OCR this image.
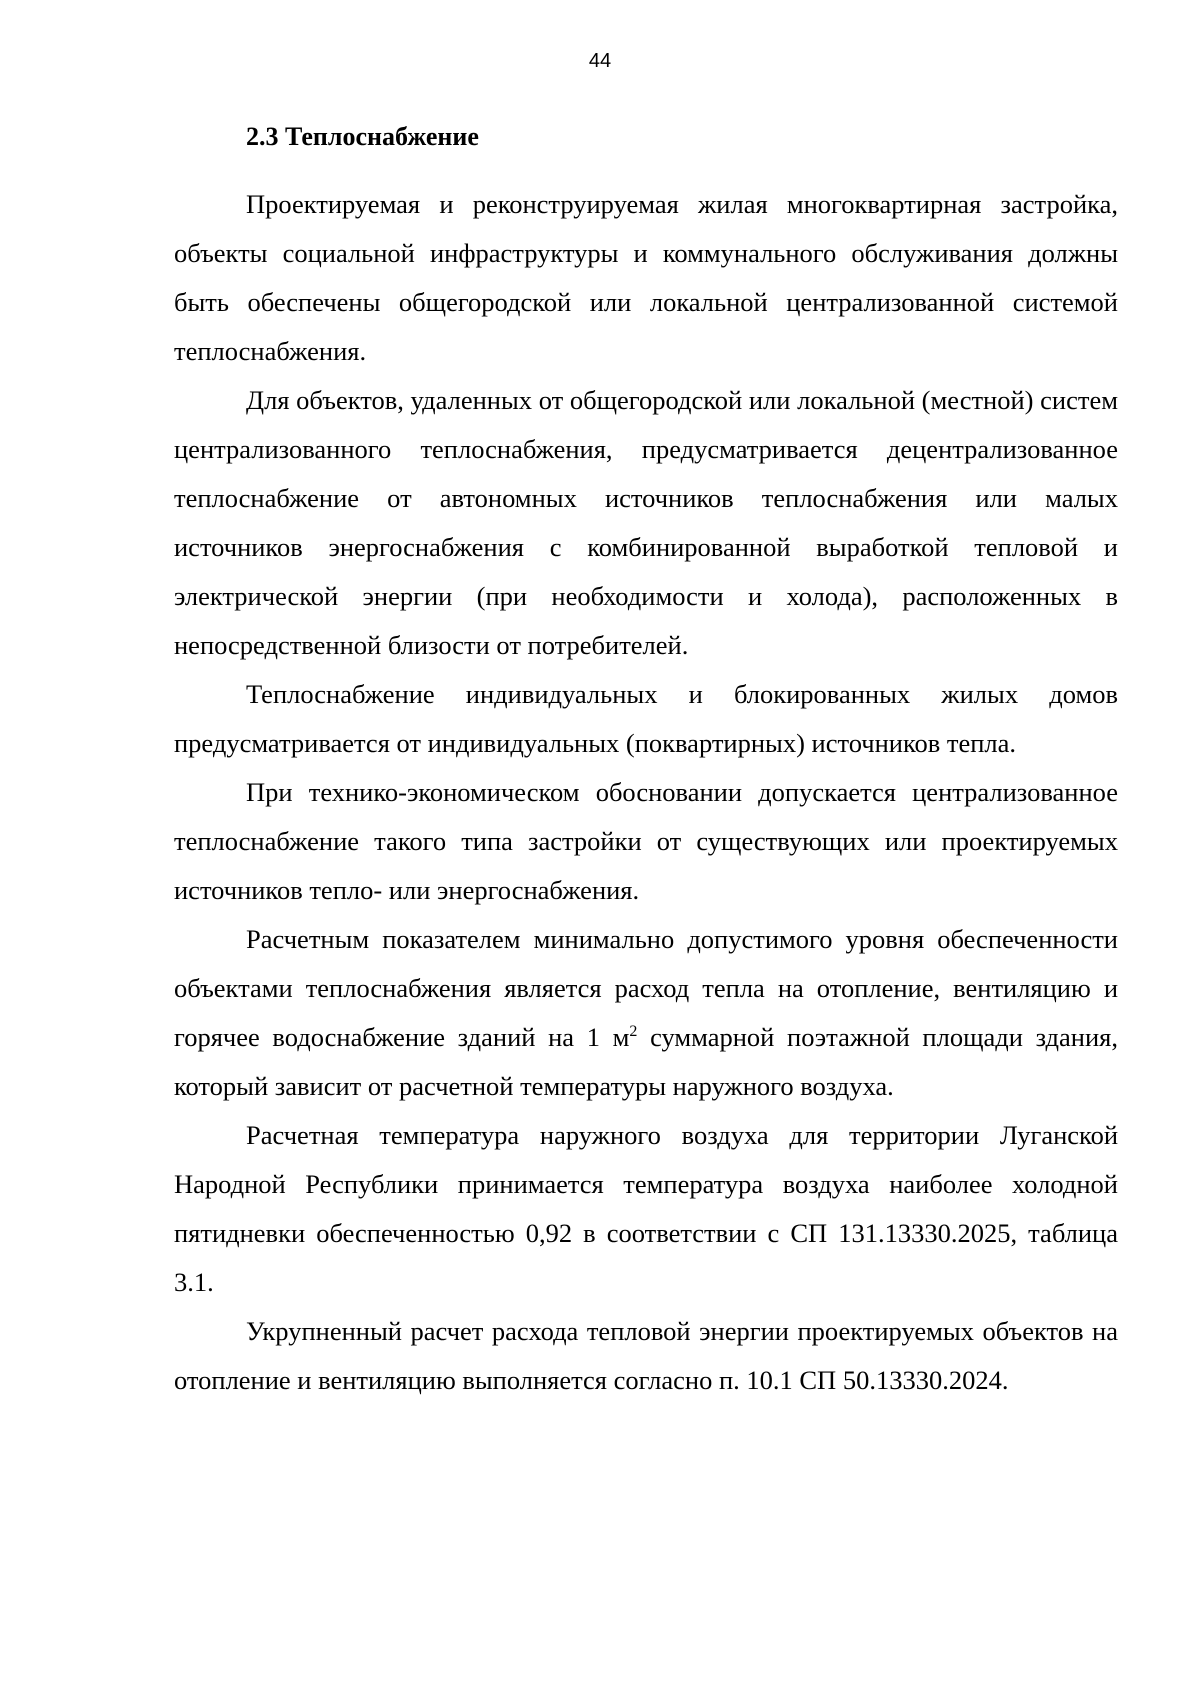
44
2.3 Теплоснабжение

Проектируемая и реконструируемая жилая многоквартирная застройка, объекты социальной инфраструктуры и коммунального обслуживания должны быть обеспечены общегородской или локальной централизованной системой теплоснабжения.

Для объектов, удаленных от общегородской или локальной (местной) систем централизованного теплоснабжения, предусматривается децентрализованное теплоснабжение от автономных источников теплоснабжения или малых источников энергоснабжения с комбинированной выработкой тепловой и электрической энергии (при необходимости и холода), расположенных в непосредственной близости от потребителей.

Теплоснабжение индивидуальных и блокированных жилых домов предусматривается от индивидуальных (поквартирных) источников тепла.

При технико-экономическом обосновании допускается централизованное теплоснабжение такого типа застройки от существующих или проектируемых источников тепло- или энергоснабжения.

Расчетным показателем минимально допустимого уровня обеспеченности объектами теплоснабжения является расход тепла на отопление, вентиляцию и горячее водоснабжение зданий на 1 $м^2$ суммарной поэтажной площади здания, который зависит от расчетной температуры наружного воздуха.

Расчетная температура наружного воздуха для территории Луганской Народной Республики принимается температура воздуха наиболее холодной пятидневки обеспеченностью 0,92 в соответствии с СП 131.13330.2025, таблица 3.1.

Укрупненный расчет расхода тепловой энергии проектируемых объектов на отопление и вентиляцию выполняется согласно п. 10.1 СП 50.13330.2024.
